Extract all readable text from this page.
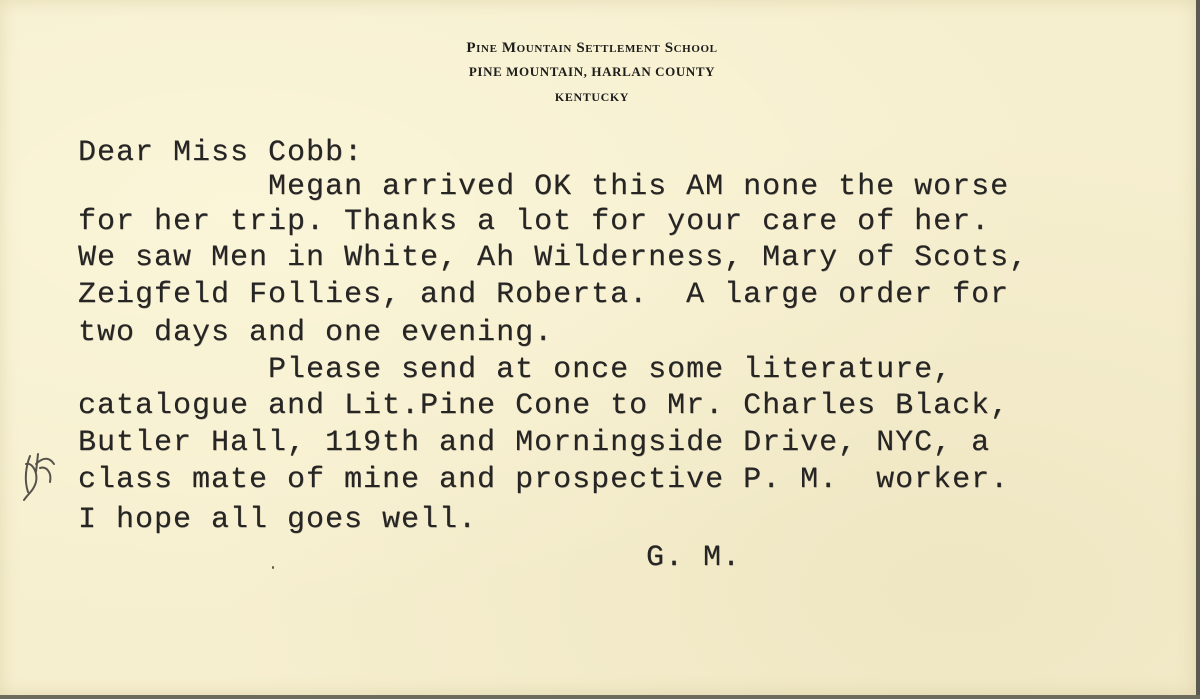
Pine Mountain Settlement School
PINE MOUNTAIN, HARLAN COUNTY
KENTUCKY
Dear Miss Cobb:
Megan arrived OK this AM none the worse
for her trip. Thanks a lot for your care of her.
We saw Men in White, Ah Wilderness, Mary of Scots,
Zeigfeld Follies, and Roberta.  A large order for
two days and one evening.
Please send at once some literature,
catalogue and Lit.Pine Cone to Mr. Charles Black,
Butler Hall, 119th and Morningside Drive, NYC, a
class mate of mine and prospective P. M.  worker.
I hope all goes well.
G. M.
